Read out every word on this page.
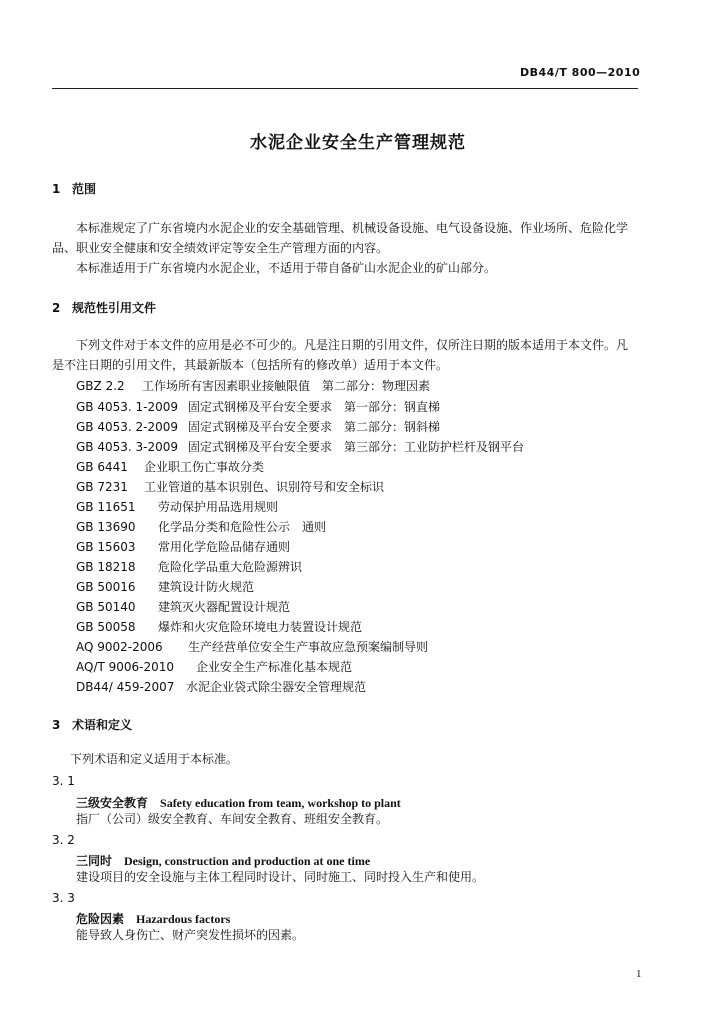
DB44/T 800—2010
水泥企业安全生产管理规范
1 范围
本标准规定了广东省境内水泥企业的安全基础管理、机械设备设施、电气设备设施、作业场所、危险化学品、职业安全健康和安全绩效评定等安全生产管理方面的内容。
本标准适用于广东省境内水泥企业，不适用于带自备矿山水泥企业的矿山部分。
2 规范性引用文件
下列文件对于本文件的应用是必不可少的。凡是注日期的引用文件，仅所注日期的版本适用于本文件。凡是不注日期的引用文件，其最新版本（包括所有的修改单）适用于本文件。
GBZ 2.2 工作场所有害因素职业接触限值　第二部分：物理因素
GB 4053. 1-2009 固定式钢梯及平台安全要求　第一部分：钢直梯
GB 4053. 2-2009 固定式钢梯及平台安全要求　第二部分：钢斜梯
GB 4053. 3-2009 固定式钢梯及平台安全要求　第三部分：工业防护栏杆及钢平台
GB 6441 企业职工伤亡事故分类
GB 7231 工业管道的基本识别色、识别符号和安全标识
GB 11651 劳动保护用品选用规则
GB 13690 化学品分类和危险性公示　通则
GB 15603 常用化学危险品储存通则
GB 18218 危险化学品重大危险源辨识
GB 50016 建筑设计防火规范
GB 50140 建筑灭火器配置设计规范
GB 50058 爆炸和火灾危险环境电力装置设计规范
AQ 9002-2006 生产经营单位安全生产事故应急预案编制导则
AQ/T 9006-2010 企业安全生产标准化基本规范
DB44/ 459-2007 水泥企业袋式除尘器安全管理规范
3 术语和定义
下列术语和定义适用于本标准。
3. 1
三级安全教育 Safety education from team, workshop to plant
指厂（公司）级安全教育、车间安全教育、班组安全教育。
3. 2
三同时 Design, construction and production at one time
建设项目的安全设施与主体工程同时设计、同时施工、同时投入生产和使用。
3. 3
危险因素 Hazardous factors
能导致人身伤亡、财产突发性损坏的因素。
1
